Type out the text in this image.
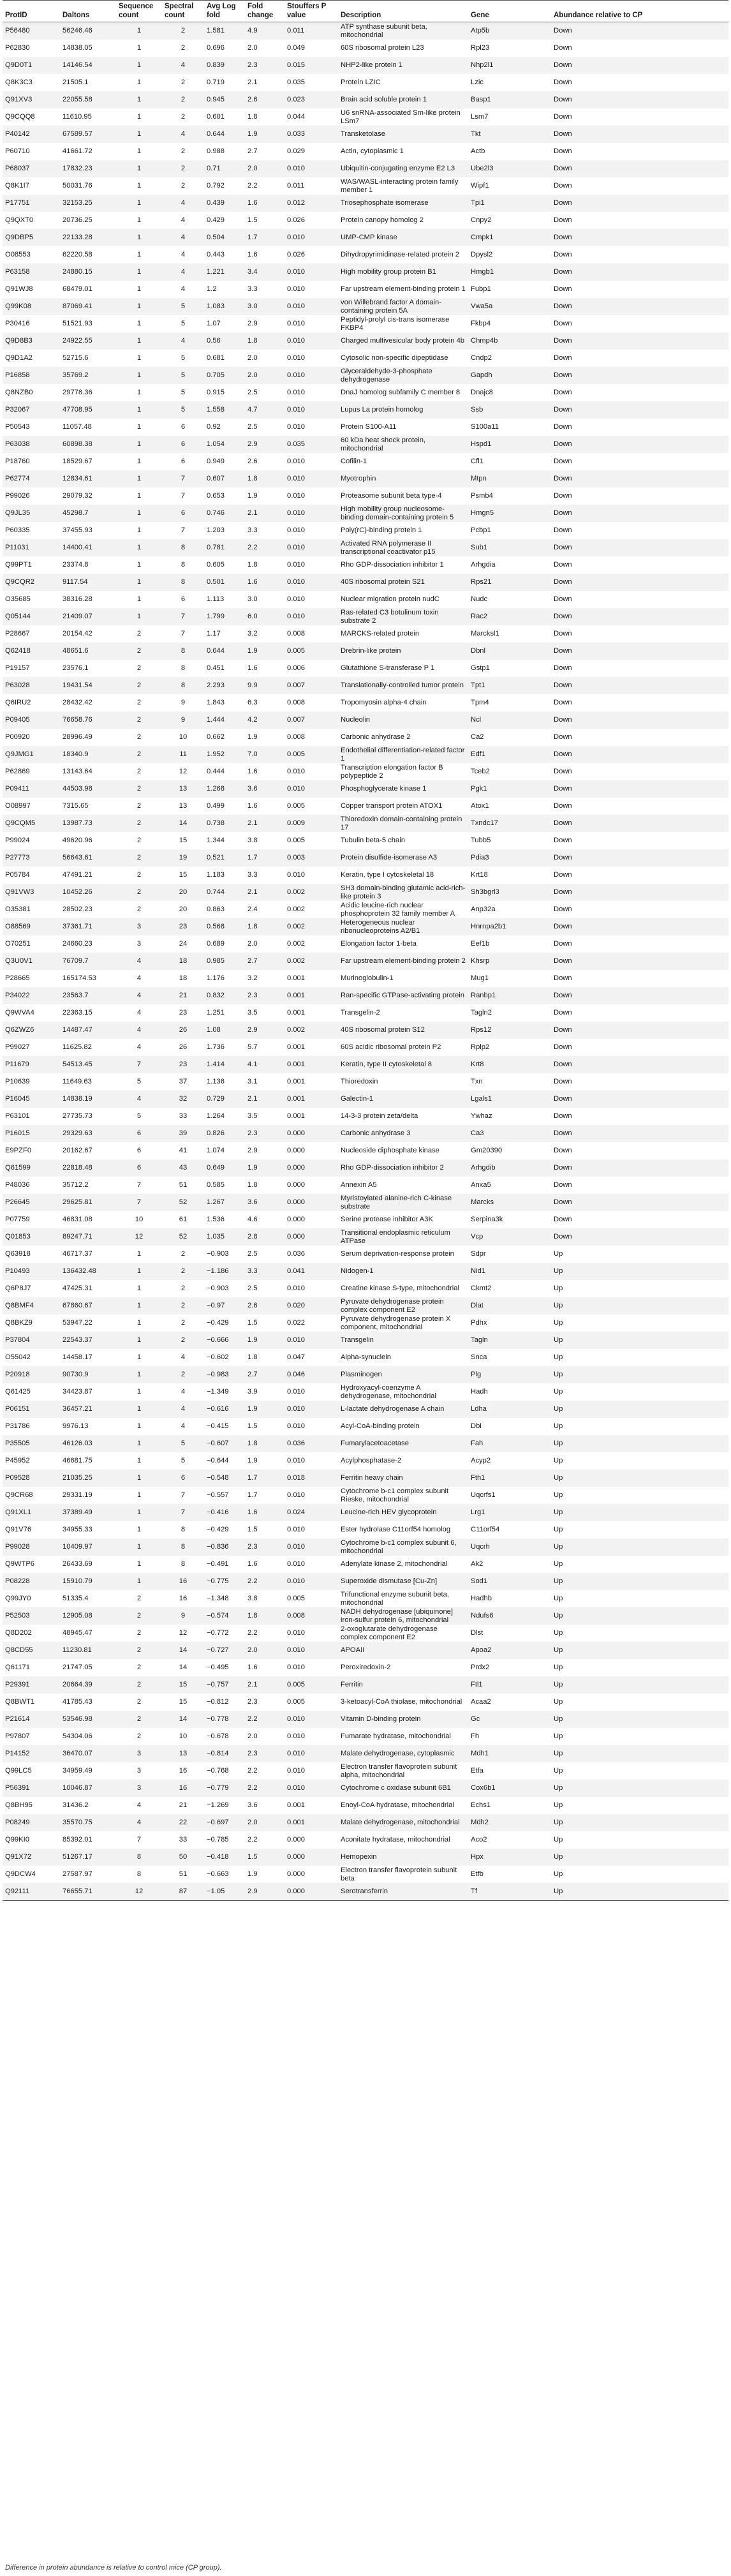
ProtID	Daltons	Sequence count	Spectral count	Avg Log fold	Fold change	Stouffers P value	Description	Gene	Abundance relative to CP
P56480	56246.46	1	2	1.581	4.9	0.011	ATP synthase subunit beta, mitochondrial	Atp5b	Down
P62830	14838.05	1	2	0.696	2.0	0.049	60S ribosomal protein L23	Rpl23	Down
Q9D0T1	14146.54	1	4	0.839	2.3	0.015	NHP2-like protein 1	Nhp2l1	Down
Q8K3C3	21505.1	1	2	0.719	2.1	0.035	Protein LZIC	Lzic	Down
Q91XV3	22055.58	1	2	0.945	2.6	0.023	Brain acid soluble protein 1	Basp1	Down
Q9CQQ8	11610.95	1	2	0.601	1.8	0.044	U6 snRNA-associated Sm-like protein LSm7	Lsm7	Down
P40142	67589.57	1	4	0.644	1.9	0.033	Transketolase	Tkt	Down
P60710	41661.72	1	2	0.988	2.7	0.029	Actin, cytoplasmic 1	Actb	Down
P68037	17832.23	1	2	0.71	2.0	0.010	Ubiquitin-conjugating enzyme E2 L3	Ube2l3	Down
Q8K1I7	50031.76	1	2	0.792	2.2	0.011	WAS/WASL-interacting protein family member 1	Wipf1	Down
P17751	32153.25	1	4	0.439	1.6	0.012	Triosephosphate isomerase	Tpi1	Down
Q9QXT0	20736.25	1	4	0.429	1.5	0.026	Protein canopy homolog 2	Cnpy2	Down
Q9DBP5	22133.28	1	4	0.504	1.7	0.010	UMP-CMP kinase	Cmpk1	Down
O08553	62220.58	1	4	0.443	1.6	0.026	Dihydropyrimidinase-related protein 2	Dpysl2	Down
P63158	24880.15	1	4	1.221	3.4	0.010	High mobility group protein B1	Hmgb1	Down
Q91WJ8	68479.01	1	4	1.2	3.3	0.010	Far upstream element-binding protein 1	Fubp1	Down
Q99K08	87069.41	1	5	1.083	3.0	0.010	von Willebrand factor A domain-containing protein 5A	Vwa5a	Down
P30416	51521.93	1	5	1.07	2.9	0.010	Peptidyl-prolyl cis-trans isomerase FKBP4	Fkbp4	Down
Q9D8B3	24922.55	1	4	0.56	1.8	0.010	Charged multivesicular body protein 4b	Chmp4b	Down
Q9D1A2	52715.6	1	5	0.681	2.0	0.010	Cytosolic non-specific dipeptidase	Cndp2	Down
P16858	35769.2	1	5	0.705	2.0	0.010	Glyceraldehyde-3-phosphate dehydrogenase	Gapdh	Down
Q8NZB0	29778.36	1	5	0.915	2.5	0.010	DnaJ homolog subfamily C member 8	Dnajc8	Down
P32067	47708.95	1	5	1.558	4.7	0.010	Lupus La protein homolog	Ssb	Down
P50543	11057.48	1	6	0.92	2.5	0.010	Protein S100-A11	S100a11	Down
P63038	60898.38	1	6	1.054	2.9	0.035	60 kDa heat shock protein, mitochondrial	Hspd1	Down
P18760	18529.67	1	6	0.949	2.6	0.010	Cofilin-1	Cfl1	Down
P62774	12834.61	1	7	0.607	1.8	0.010	Myotrophin	Mtpn	Down
P99026	29079.32	1	7	0.653	1.9	0.010	Proteasome subunit beta type-4	Psmb4	Down
Q9JL35	45298.7	1	6	0.746	2.1	0.010	High mobility group nucleosome-binding domain-containing protein 5	Hmgn5	Down
P60335	37455.93	1	7	1.203	3.3	0.010	Poly(rC)-binding protein 1	Pcbp1	Down
P11031	14400.41	1	8	0.781	2.2	0.010	Activated RNA polymerase II transcriptional coactivator p15	Sub1	Down
Q99PT1	23374.8	1	8	0.605	1.8	0.010	Rho GDP-dissociation inhibitor 1	Arhgdia	Down
Q9CQR2	9117.54	1	8	0.501	1.6	0.010	40S ribosomal protein S21	Rps21	Down
O35685	38316.28	1	6	1.113	3.0	0.010	Nuclear migration protein nudC	Nudc	Down
Q05144	21409.07	1	7	1.799	6.0	0.010	Ras-related C3 botulinum toxin substrate 2	Rac2	Down
P28667	20154.42	2	7	1.17	3.2	0.008	MARCKS-related protein	Marcksl1	Down
Q62418	48651.6	2	8	0.644	1.9	0.005	Drebrin-like protein	Dbnl	Down
P19157	23576.1	2	8	0.451	1.6	0.006	Glutathione S-transferase P 1	Gstp1	Down
P63028	19431.54	2	8	2.293	9.9	0.007	Translationally-controlled tumor protein	Tpt1	Down
Q6IRU2	28432.42	2	9	1.843	6.3	0.008	Tropomyosin alpha-4 chain	Tpm4	Down
P09405	76658.76	2	9	1.444	4.2	0.007	Nucleolin	Ncl	Down
P00920	28996.49	2	10	0.662	1.9	0.008	Carbonic anhydrase 2	Ca2	Down
Q9JMG1	18340.9	2	11	1.952	7.0	0.005	Endothelial differentiation-related factor 1	Edf1	Down
P62869	13143.64	2	12	0.444	1.6	0.010	Transcription elongation factor B polypeptide 2	Tceb2	Down
P09411	44503.98	2	13	1.268	3.6	0.010	Phosphoglycerate kinase 1	Pgk1	Down
O08997	7315.65	2	13	0.499	1.6	0.005	Copper transport protein ATOX1	Atox1	Down
Q9CQM5	13987.73	2	14	0.738	2.1	0.009	Thioredoxin domain-containing protein 17	Txndc17	Down
P99024	49620.96	2	15	1.344	3.8	0.005	Tubulin beta-5 chain	Tubb5	Down
P27773	56643.61	2	19	0.521	1.7	0.003	Protein disulfide-isomerase A3	Pdia3	Down
P05784	47491.21	2	15	1.183	3.3	0.010	Keratin, type I cytoskeletal 18	Krt18	Down
Q91VW3	10452.26	2	20	0.744	2.1	0.002	SH3 domain-binding glutamic acid-rich-like protein 3	Sh3bgrl3	Down
O35381	28502.23	2	20	0.863	2.4	0.002	Acidic leucine-rich nuclear phosphoprotein 32 family member A	Anp32a	Down
O88569	37361.71	3	23	0.568	1.8	0.002	Heterogeneous nuclear ribonucleoproteins A2/B1	Hnrnpa2b1	Down
O70251	24660.23	3	24	0.689	2.0	0.002	Elongation factor 1-beta	Eef1b	Down
Q3U0V1	76709.7	4	18	0.985	2.7	0.002	Far upstream element-binding protein 2	Khsrp	Down
P28665	165174.53	4	18	1.176	3.2	0.001	Murinoglobulin-1	Mug1	Down
P34022	23563.7	4	21	0.832	2.3	0.001	Ran-specific GTPase-activating protein	Ranbp1	Down
Q9WVA4	22363.15	4	23	1.251	3.5	0.001	Transgelin-2	Tagln2	Down
Q6ZWZ6	14487.47	4	26	1.08	2.9	0.002	40S ribosomal protein S12	Rps12	Down
P99027	11625.82	4	26	1.736	5.7	0.001	60S acidic ribosomal protein P2	Rplp2	Down
P11679	54513.45	7	23	1.414	4.1	0.001	Keratin, type II cytoskeletal 8	Krt8	Down
P10639	11649.63	5	37	1.136	3.1	0.001	Thioredoxin	Txn	Down
P16045	14838.19	4	32	0.729	2.1	0.001	Galectin-1	Lgals1	Down
P63101	27735.73	5	33	1.264	3.5	0.001	14-3-3 protein zeta/delta	Ywhaz	Down
P16015	29329.63	6	39	0.826	2.3	0.000	Carbonic anhydrase 3	Ca3	Down
E9PZF0	20162.67	6	41	1.074	2.9	0.000	Nucleoside diphosphate kinase	Gm20390	Down
Q61599	22818.48	6	43	0.649	1.9	0.000	Rho GDP-dissociation inhibitor 2	Arhgdib	Down
P48036	35712.2	7	51	0.585	1.8	0.000	Annexin A5	Anxa5	Down
P26645	29625.81	7	52	1.267	3.6	0.000	Myristoylated alanine-rich C-kinase substrate	Marcks	Down
P07759	46831.08	10	61	1.536	4.6	0.000	Serine protease inhibitor A3K	Serpina3k	Down
Q01853	89247.71	12	52	1.035	2.8	0.000	Transitional endoplasmic reticulum ATPase	Vcp	Down
Q63918	46717.37	1	2	−0.903	2.5	0.036	Serum deprivation-response protein	Sdpr	Up
P10493	136432.48	1	2	−1.186	3.3	0.041	Nidogen-1	Nid1	Up
Q6P8J7	47425.31	1	2	−0.903	2.5	0.010	Creatine kinase S-type, mitochondrial	Ckmt2	Up
Q8BMF4	67860.67	1	2	−0.97	2.6	0.020	Pyruvate dehydrogenase protein complex component E2	Dlat	Up
Q8BKZ9	53947.22	1	2	−0.429	1.5	0.022	Pyruvate dehydrogenase protein X component, mitochondrial	Pdhx	Up
P37804	22543.37	1	2	−0.666	1.9	0.010	Transgelin	Tagln	Up
O55042	14458.17	1	4	−0.602	1.8	0.047	Alpha-synuclein	Snca	Up
P20918	90730.9	1	2	−0.983	2.7	0.046	Plasminogen	Plg	Up
Q61425	34423.87	1	4	−1.349	3.9	0.010	Hydroxyacyl-coenzyme A dehydrogenase, mitochondrial	Hadh	Up
P06151	36457.21	1	4	−0.616	1.9	0.010	L-lactate dehydrogenase A chain	Ldha	Up
P31786	9976.13	1	4	−0.415	1.5	0.010	Acyl-CoA-binding protein	Dbi	Up
P35505	46126.03	1	5	−0.607	1.8	0.036	Fumarylacetoacetase	Fah	Up
P45952	46681.75	1	5	−0.644	1.9	0.010	Acylphosphatase-2	Acyp2	Up
P09528	21035.25	1	6	−0.548	1.7	0.018	Ferritin heavy chain	Fth1	Up
Q9CR68	29331.19	1	7	−0.557	1.7	0.010	Cytochrome b-c1 complex subunit Rieske, mitochondrial	Uqcrfs1	Up
Q91XL1	37389.49	1	7	−0.416	1.6	0.024	Leucine-rich HEV glycoprotein	Lrg1	Up
Q91V76	34955.33	1	8	−0.429	1.5	0.010	Ester hydrolase C11orf54 homolog	C11orf54	Up
P99028	10409.97	1	8	−0.836	2.3	0.010	Cytochrome b-c1 complex subunit 6, mitochondrial	Uqcrh	Up
Q9WTP6	26433.69	1	8	−0.491	1.6	0.010	Adenylate kinase 2, mitochondrial	Ak2	Up
P08228	15910.79	1	16	−0.775	2.2	0.010	Superoxide dismutase [Cu-Zn]	Sod1	Up
Q99JY0	51335.4	2	16	−1.348	3.8	0.005	Trifunctional enzyme subunit beta, mitochondrial	Hadhb	Up
P52503	12905.08	2	9	−0.574	1.8	0.008	NADH dehydrogenase [ubiquinone] iron-sulfur protein 6, mitochondrial	Ndufs6	Up
Q8D202	48945.47	2	12	−0.772	2.2	0.010	2-oxoglutarate dehydrogenase complex component E2	Dlst	Up
Q8CD55	11230.81	2	14	−0.727	2.0	0.010	APOAII	Apoa2	Up
Q61171	21747.05	2	14	−0.495	1.6	0.010	Peroxiredoxin-2	Prdx2	Up
P29391	20664.39	2	15	−0.757	2.1	0.005	Ferritin	Ftl1	Up
Q8BWT1	41785.43	2	15	−0.812	2.3	0.005	3-ketoacyl-CoA thiolase, mitochondrial	Acaa2	Up
P21614	53546.98	2	14	−0.778	2.2	0.010	Vitamin D-binding protein	Gc	Up
P97807	54304.06	2	10	−0.678	2.0	0.010	Fumarate hydratase, mitochondrial	Fh	Up
P14152	36470.07	3	13	−0.814	2.3	0.010	Malate dehydrogenase, cytoplasmic	Mdh1	Up
Q99LC5	34959.49	3	16	−0.768	2.2	0.010	Electron transfer flavoprotein subunit alpha, mitochondrial	Etfa	Up
P56391	10046.87	3	16	−0.779	2.2	0.010	Cytochrome c oxidase subunit 6B1	Cox6b1	Up
Q8BH95	31436.2	4	21	−1.269	3.6	0.001	Enoyl-CoA hydratase, mitochondrial	Echs1	Up
P08249	35570.75	4	22	−0.697	2.0	0.001	Malate dehydrogenase, mitochondrial	Mdh2	Up
Q99KI0	85392.01	7	33	−0.785	2.2	0.000	Aconitate hydratase, mitochondrial	Aco2	Up
Q91X72	51267.17	8	50	−0.418	1.5	0.000	Hemopexin	Hpx	Up
Q9DCW4	27587.97	8	51	−0.663	1.9	0.000	Electron transfer flavoprotein subunit beta	Etfb	Up
Q92111	76655.71	12	87	−1.05	2.9	0.000	Serotransferrin	Tf	Up
Difference in protein abundance is relative to control mice (CP group).
